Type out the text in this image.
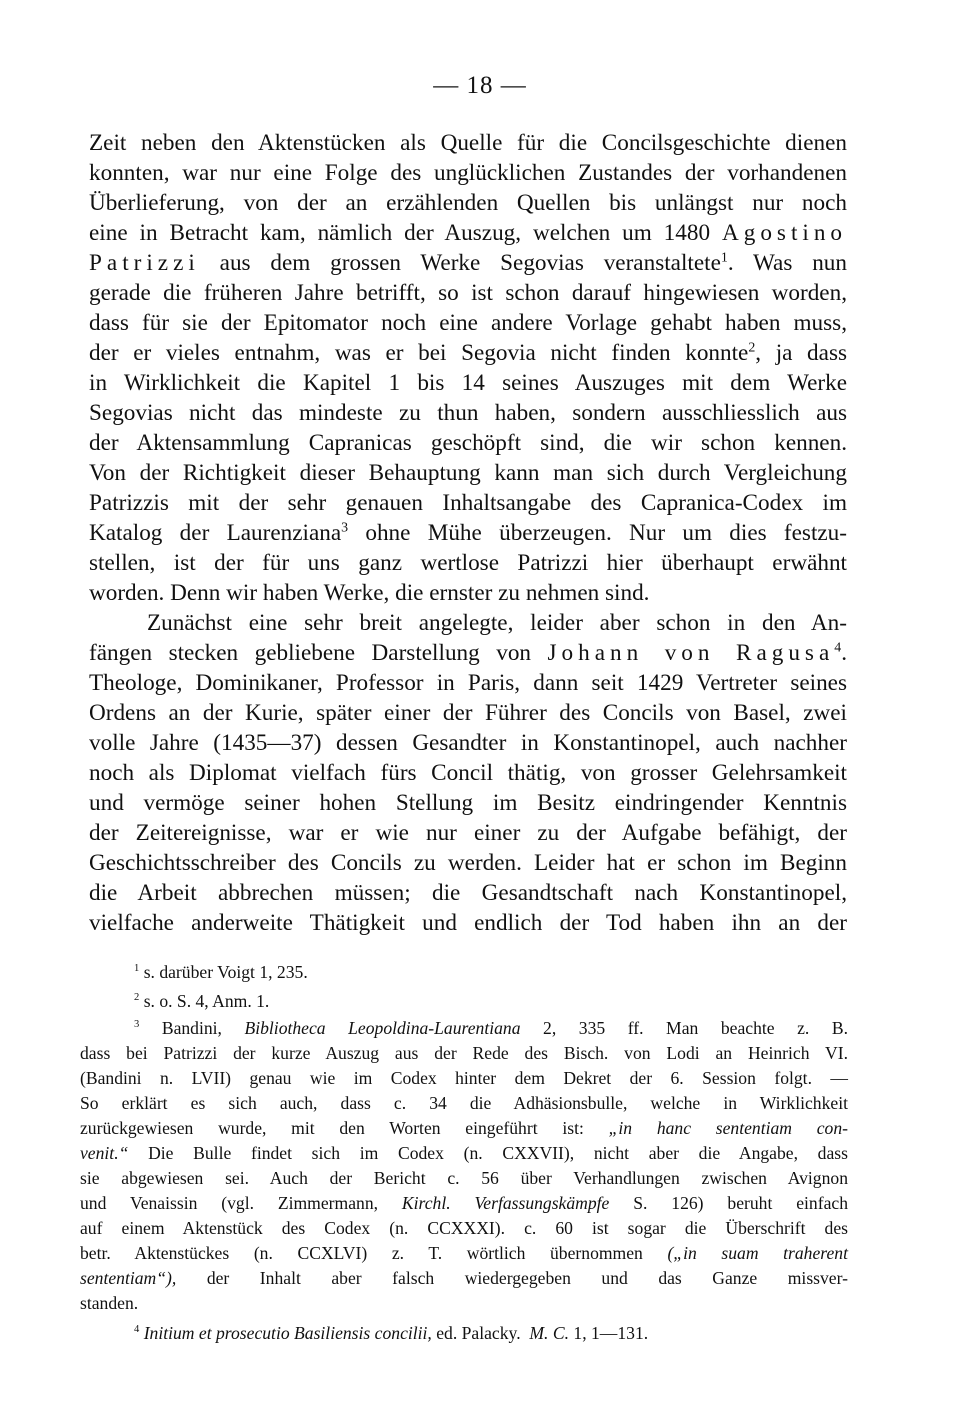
— 18 —
Zeit neben den Aktenstücken als Quelle für die Concilsgeschichte dienen
konnten, war nur eine Folge des unglücklichen Zustandes der vorhandenen
Überlieferung, von der an erzählenden Quellen bis unlängst nur noch
eine in Betracht kam, nämlich der Auszug, welchen um 1480 Agostino
Patrizzi aus dem grossen Werke Segovias veranstaltete$^1$. Was nun
gerade die früheren Jahre betrifft, so ist schon darauf hingewiesen worden,
dass für sie der Epitomator noch eine andere Vorlage gehabt haben muss,
der er vieles entnahm, was er bei Segovia nicht finden konnte$^2$, ja dass
in Wirklichkeit die Kapitel 1 bis 14 seines Auszuges mit dem Werke
Segovias nicht das mindeste zu thun haben, sondern ausschliesslich aus
der Aktensammlung Capranicas geschöpft sind, die wir schon kennen.
Von der Richtigkeit dieser Behauptung kann man sich durch Vergleichung
Patrizzis mit der sehr genauen Inhaltsangabe des Capranica-Codex im
Katalog der Laurenziana$^3$ ohne Mühe überzeugen. Nur um dies festzu-
stellen, ist der für uns ganz wertlose Patrizzi hier überhaupt erwähnt
worden. Denn wir haben Werke, die ernster zu nehmen sind.
Zunächst eine sehr breit angelegte, leider aber schon in den An-
fängen stecken gebliebene Darstellung von Johann von Ragusa$^4$.
Theologe, Dominikaner, Professor in Paris, dann seit 1429 Vertreter seines
Ordens an der Kurie, später einer der Führer des Concils von Basel, zwei
volle Jahre (1435—37) dessen Gesandter in Konstantinopel, auch nachher
noch als Diplomat vielfach fürs Concil thätig, von grosser Gelehrsamkeit
und vermöge seiner hohen Stellung im Besitz eindringender Kenntnis
der Zeitereignisse, war er wie nur einer zu der Aufgabe befähigt, der
Geschichtsschreiber des Concils zu werden. Leider hat er schon im Beginn
die Arbeit abbrechen müssen; die Gesandtschaft nach Konstantinopel,
vielfache anderweite Thätigkeit und endlich der Tod haben ihn an der
$^1$ s. darüber Voigt 1, 235.
$^2$ s. o. S. 4, Anm. 1.
$^3$ Bandini, Bibliotheca Leopoldina-Laurentiana 2, 335 ff. Man beachte z. B.
dass bei Patrizzi der kurze Auszug aus der Rede des Bisch. von Lodi an Heinrich VI.
(Bandini n. LVII) genau wie im Codex hinter dem Dekret der 6. Session folgt. —
So erklärt es sich auch, dass c. 34 die Adhäsionsbulle, welche in Wirklichkeit
zurückgewiesen wurde, mit den Worten eingeführt ist: „in hanc sententiam con-
venit.“ Die Bulle findet sich im Codex (n. CXXVII), nicht aber die Angabe, dass
sie abgewiesen sei. Auch der Bericht c. 56 über Verhandlungen zwischen Avignon
und Venaissin (vgl. Zimmermann, Kirchl. Verfassungskämpfe S. 126) beruht einfach
auf einem Aktenstück des Codex (n. CCXXXI). c. 60 ist sogar die Überschrift des
betr. Aktenstückes (n. CCXLVI) z. T. wörtlich übernommen („in suam traherent
sententiam“), der Inhalt aber falsch wiedergegeben und das Ganze missver-
standen.
$^4$ Initium et prosecutio Basiliensis concilii, ed. Palacky. M. C. 1, 1—131.
